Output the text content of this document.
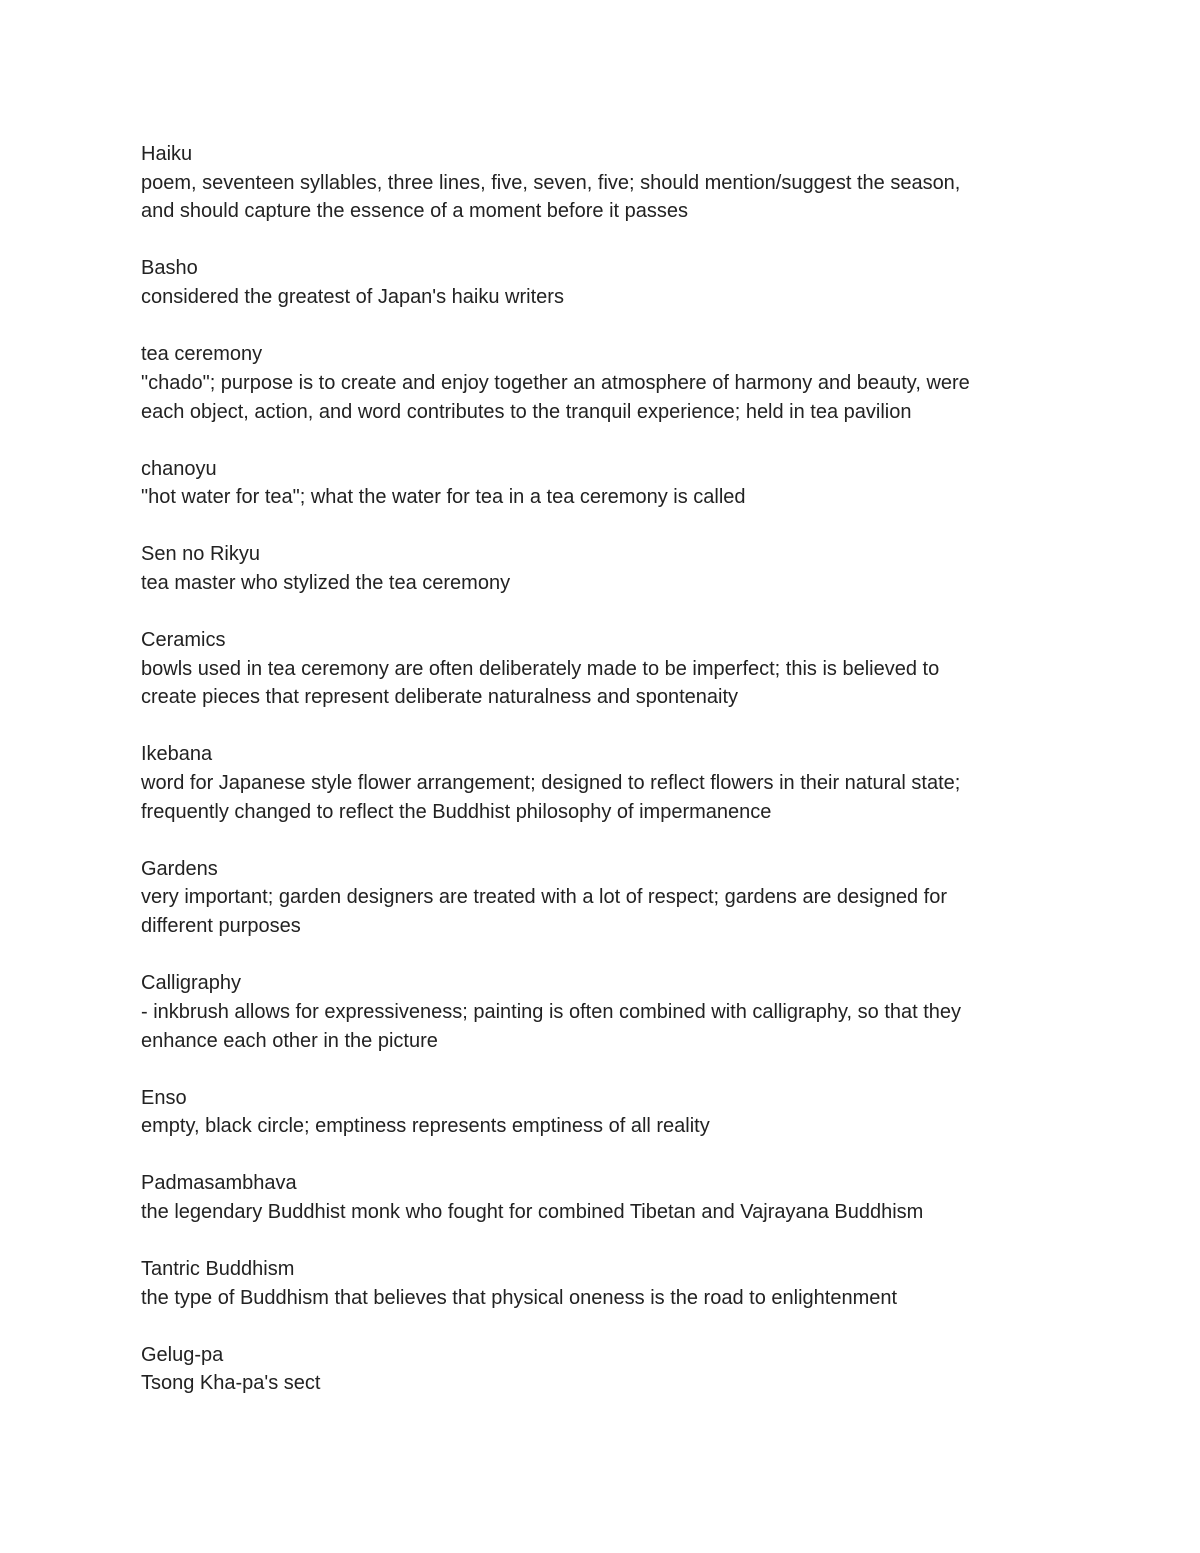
Haiku
poem, seventeen syllables, three lines, five, seven, five; should mention/suggest the season,
and should capture the essence of a moment before it passes
Basho
considered the greatest of Japan's haiku writers
tea ceremony
"chado"; purpose is to create and enjoy together an atmosphere of harmony and beauty, were
each object, action, and word contributes to the tranquil experience; held in tea pavilion
chanoyu
"hot water for tea"; what the water for tea in a tea ceremony is called
Sen no Rikyu
tea master who stylized the tea ceremony
Ceramics
bowls used in tea ceremony are often deliberately made to be imperfect; this is believed to
create pieces that represent deliberate naturalness and spontenaity
Ikebana
word for Japanese style flower arrangement; designed to reflect flowers in their natural state;
frequently changed to reflect the Buddhist philosophy of impermanence
Gardens
very important; garden designers are treated with a lot of respect; gardens are designed for
different purposes
Calligraphy
- inkbrush allows for expressiveness; painting is often combined with calligraphy, so that they
enhance each other in the picture
Enso
empty, black circle; emptiness represents emptiness of all reality
Padmasambhava
the legendary Buddhist monk who fought for combined Tibetan and Vajrayana Buddhism
Tantric Buddhism
the type of Buddhism that believes that physical oneness is the road to enlightenment
Gelug-pa
Tsong Kha-pa's sect
